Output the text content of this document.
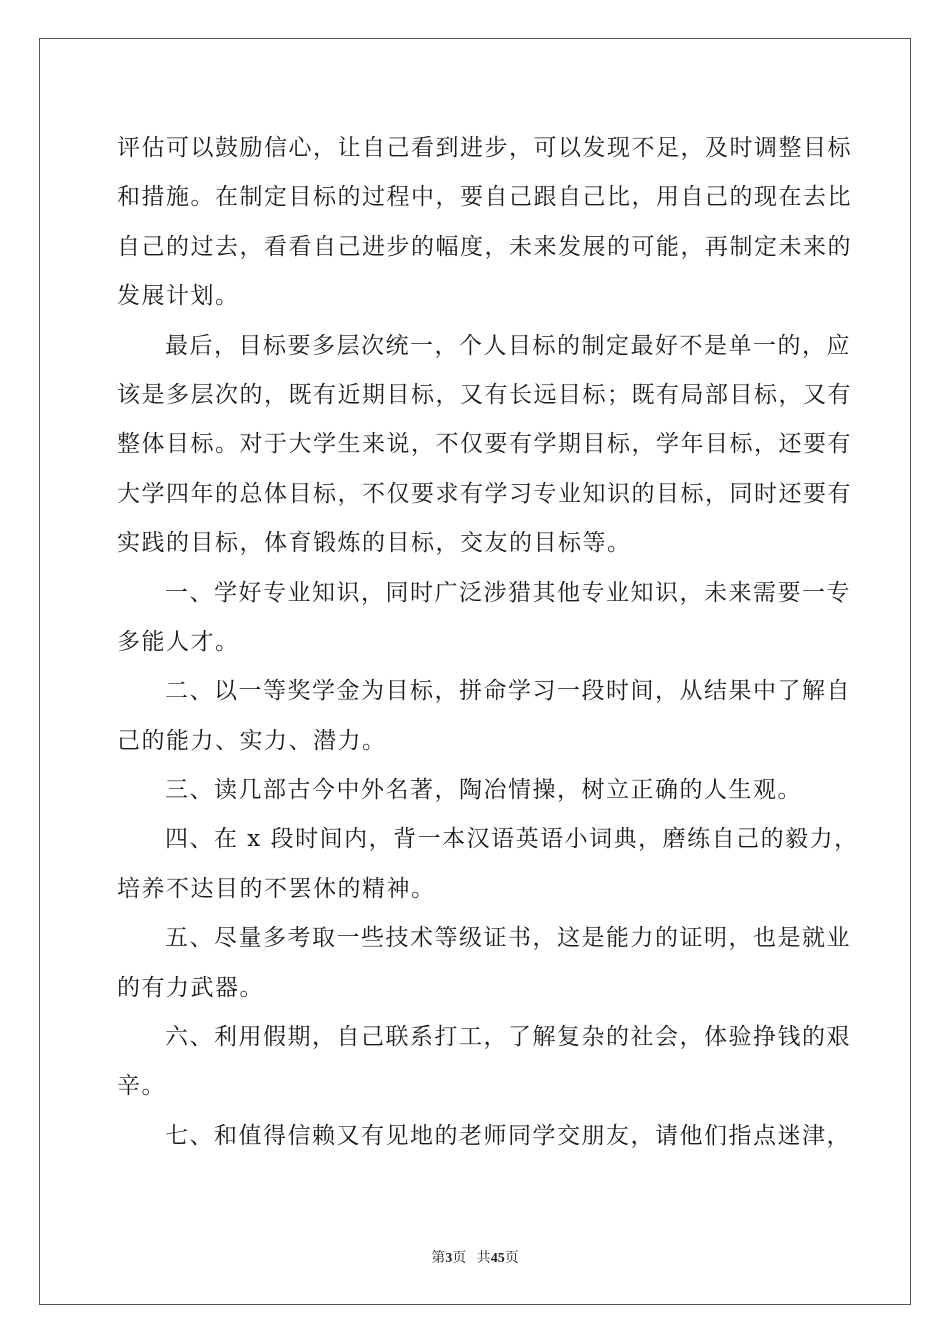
评估可以鼓励信心，让自己看到进步，可以发现不足，及时调整目标
和措施。在制定目标的过程中，要自己跟自己比，用自己的现在去比
自己的过去，看看自己进步的幅度，未来发展的可能，再制定未来的
发展计划。
最后，目标要多层次统一，个人目标的制定最好不是单一的，应
该是多层次的，既有近期目标，又有长远目标；既有局部目标，又有
整体目标。对于大学生来说，不仅要有学期目标，学年目标，还要有
大学四年的总体目标，不仅要求有学习专业知识的目标，同时还要有
实践的目标，体育锻炼的目标，交友的目标等。
一、学好专业知识，同时广泛涉猎其他专业知识，未来需要一专
多能人才。
二、以一等奖学金为目标，拼命学习一段时间，从结果中了解自
己的能力、实力、潜力。
三、读几部古今中外名著，陶冶情操，树立正确的人生观。
四、在 x 段时间内，背一本汉语英语小词典，磨练自己的毅力，
培养不达目的不罢休的精神。
五、尽量多考取一些技术等级证书，这是能力的证明，也是就业
的有力武器。
六、利用假期，自己联系打工，了解复杂的社会，体验挣钱的艰
辛。
七、和值得信赖又有见地的老师同学交朋友，请他们指点迷津，
第3页 共45页
